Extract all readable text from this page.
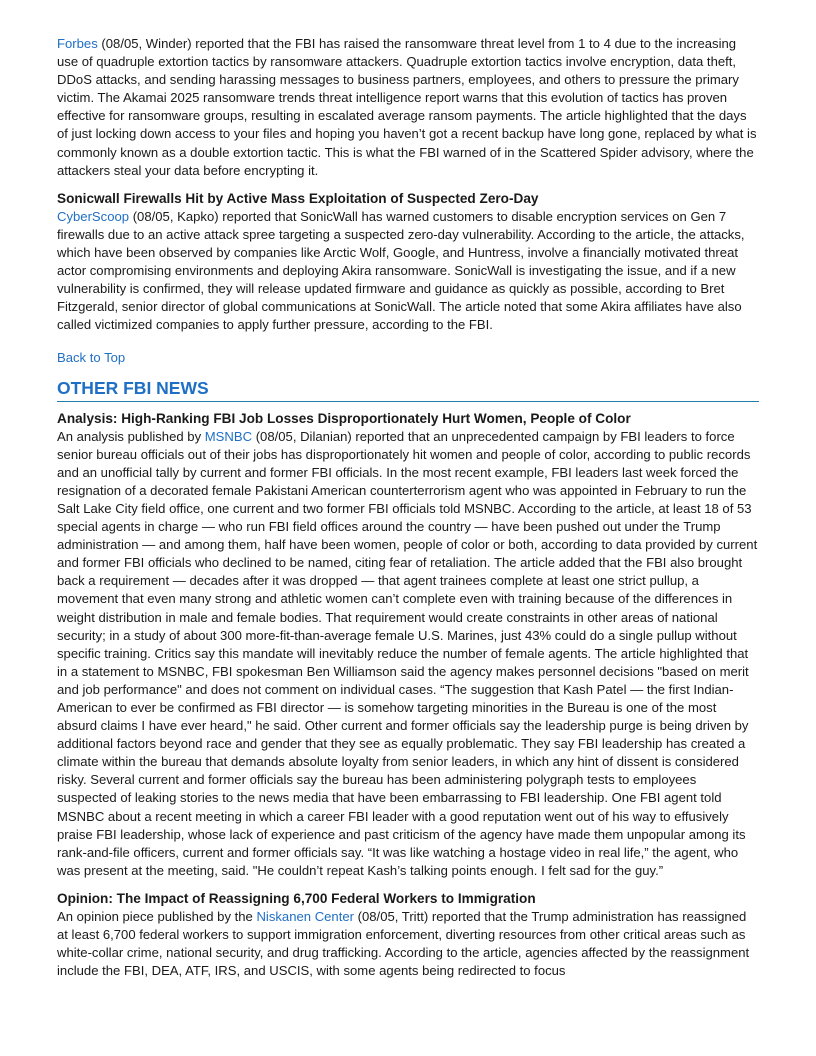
Forbes (08/05, Winder) reported that the FBI has raised the ransomware threat level from 1 to 4 due to the increasing use of quadruple extortion tactics by ransomware attackers. Quadruple extortion tactics involve encryption, data theft, DDoS attacks, and sending harassing messages to business partners, employees, and others to pressure the primary victim. The Akamai 2025 ransomware trends threat intelligence report warns that this evolution of tactics has proven effective for ransomware groups, resulting in escalated average ransom payments. The article highlighted that the days of just locking down access to your files and hoping you haven’t got a recent backup have long gone, replaced by what is commonly known as a double extortion tactic. This is what the FBI warned of in the Scattered Spider advisory, where the attackers steal your data before encrypting it.

Sonicwall Firewalls Hit by Active Mass Exploitation of Suspected Zero-Day

CyberScoop (08/05, Kapko) reported that SonicWall has warned customers to disable encryption services on Gen 7 firewalls due to an active attack spree targeting a suspected zero-day vulnerability. According to the article, the attacks, which have been observed by companies like Arctic Wolf, Google, and Huntress, involve a financially motivated threat actor compromising environments and deploying Akira ransomware. SonicWall is investigating the issue, and if a new vulnerability is confirmed, they will release updated firmware and guidance as quickly as possible, according to Bret Fitzgerald, senior director of global communications at SonicWall. The article noted that some Akira affiliates have also called victimized companies to apply further pressure, according to the FBI.

Back to Top
OTHER FBI NEWS

Analysis: High-Ranking FBI Job Losses Disproportionately Hurt Women, People of Color

An analysis published by MSNBC (08/05, Dilanian) reported that an unprecedented campaign by FBI leaders to force senior bureau officials out of their jobs has disproportionately hit women and people of color, according to public records and an unofficial tally by current and former FBI officials. In the most recent example, FBI leaders last week forced the resignation of a decorated female Pakistani American counterterrorism agent who was appointed in February to run the Salt Lake City field office, one current and two former FBI officials told MSNBC. According to the article, at least 18 of 53 special agents in charge — who run FBI field offices around the country — have been pushed out under the Trump administration — and among them, half have been women, people of color or both, according to data provided by current and former FBI officials who declined to be named, citing fear of retaliation. The article added that the FBI also brought back a requirement — decades after it was dropped — that agent trainees complete at least one strict pullup, a movement that even many strong and athletic women can’t complete even with training because of the differences in weight distribution in male and female bodies. That requirement would create constraints in other areas of national security; in a study of about 300 more-fit-than-average female U.S. Marines, just 43% could do a single pullup without specific training. Critics say this mandate will inevitably reduce the number of female agents. The article highlighted that in a statement to MSNBC, FBI spokesman Ben Williamson said the agency makes personnel decisions "based on merit and job performance" and does not comment on individual cases. “The suggestion that Kash Patel — the first Indian-American to ever be confirmed as FBI director — is somehow targeting minorities in the Bureau is one of the most absurd claims I have ever heard," he said. Other current and former officials say the leadership purge is being driven by additional factors beyond race and gender that they see as equally problematic. They say FBI leadership has created a climate within the bureau that demands absolute loyalty from senior leaders, in which any hint of dissent is considered risky. Several current and former officials say the bureau has been administering polygraph tests to employees suspected of leaking stories to the news media that have been embarrassing to FBI leadership. One FBI agent told MSNBC about a recent meeting in which a career FBI leader with a good reputation went out of his way to effusively praise FBI leadership, whose lack of experience and past criticism of the agency have made them unpopular among its rank-and-file officers, current and former officials say. “It was like watching a hostage video in real life,” the agent, who was present at the meeting, said. "He couldn’t repeat Kash’s talking points enough. I felt sad for the guy.”

Opinion: The Impact of Reassigning 6,700 Federal Workers to Immigration

An opinion piece published by the Niskanen Center (08/05, Tritt) reported that the Trump administration has reassigned at least 6,700 federal workers to support immigration enforcement, diverting resources from other critical areas such as white-collar crime, national security, and drug trafficking. According to the article, agencies affected by the reassignment include the FBI, DEA, ATF, IRS, and USCIS, with some agents being redirected to focus
